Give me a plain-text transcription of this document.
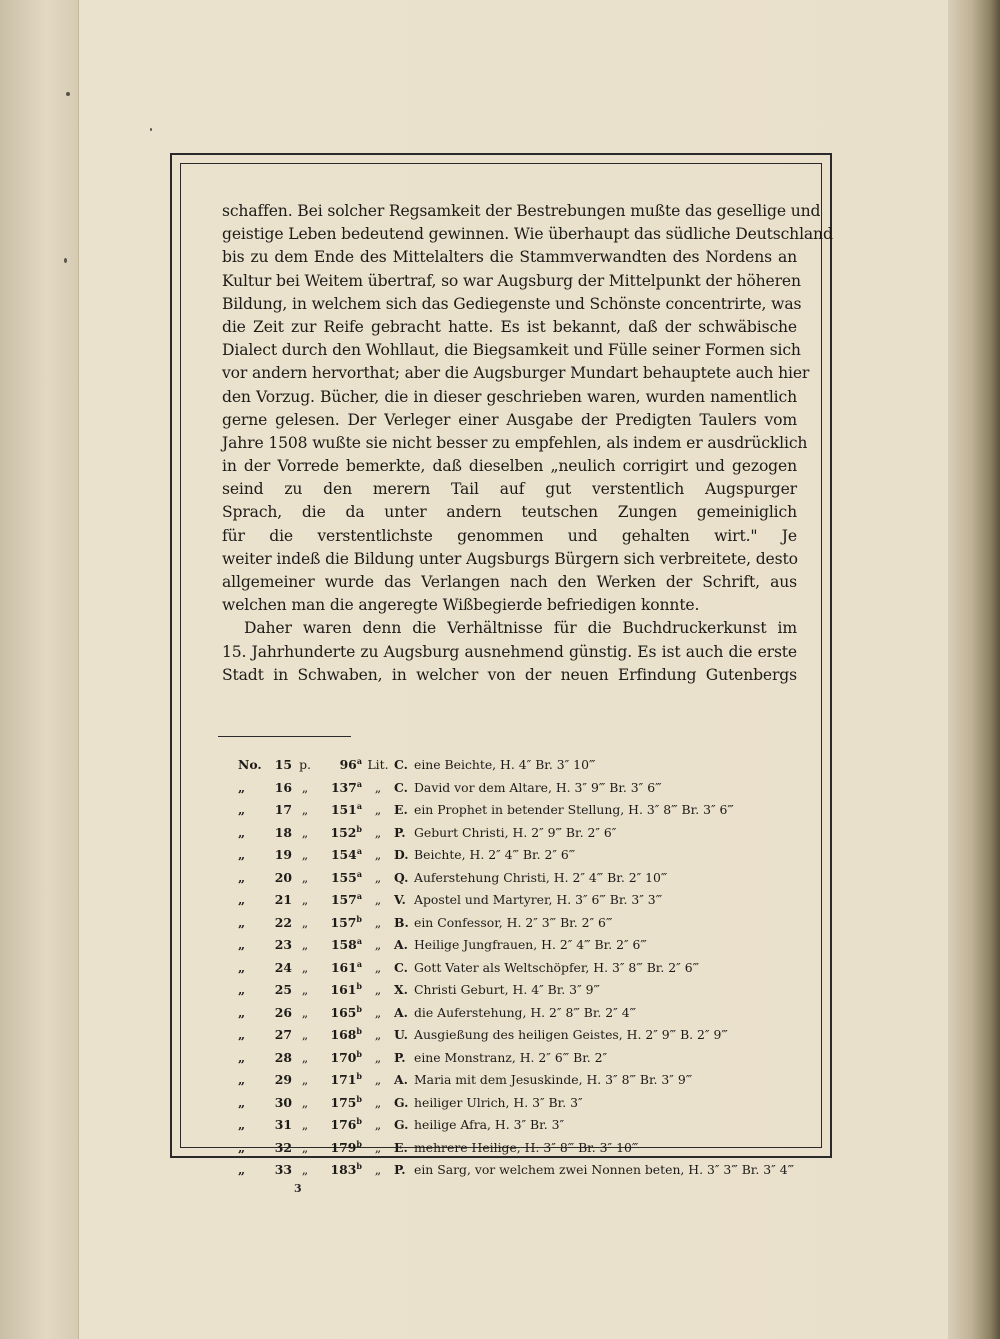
schaffen. Bei solcher Regsamkeit der Bestrebungen mußte das gesellige und
geistige Leben bedeutend gewinnen. Wie überhaupt das südliche Deutschland
bis zu dem Ende des Mittelalters die Stammverwandten des Nordens an
Kultur bei Weitem übertraf, so war Augsburg der Mittelpunkt der höheren
Bildung, in welchem sich das Gediegenste und Schönste concentrirte, was
die Zeit zur Reife gebracht hatte. Es ist bekannt, daß der schwäbische
Dialect durch den Wohllaut, die Biegsamkeit und Fülle seiner Formen sich
vor andern hervorthat; aber die Augsburger Mundart behauptete auch hier
den Vorzug. Bücher, die in dieser geschrieben waren, wurden namentlich
gerne gelesen. Der Verleger einer Ausgabe der Predigten Taulers vom
Jahre 1508 wußte sie nicht besser zu empfehlen, als indem er ausdrücklich
in der Vorrede bemerkte, daß dieselben „neulich corrigirt und gezogen
seind zu den merern Tail auf gut verstentlich Augspurger
Sprach, die da unter andern teutschen Zungen gemeiniglich
für die verstentlichste genommen und gehalten wirt." Je
weiter indeß die Bildung unter Augsburgs Bürgern sich verbreitete, desto
allgemeiner wurde das Verlangen nach den Werken der Schrift, aus
welchen man die angeregte Wißbegierde befriedigen konnte.
Daher waren denn die Verhältnisse für die Buchdruckerkunst im
15. Jahrhunderte zu Augsburg ausnehmend günstig. Es ist auch die erste
Stadt in Schwaben, in welcher von der neuen Erfindung Gutenbergs
No.	15 p.	96$^a$ Lit. C. eine Beichte, H. 4″ Br. 3″ 10‴
„	16 „	137$^a$	„	C. David vor dem Altare, H. 3″ 9‴ Br. 3″ 6‴
„	17 „	151$^a$	„	E. ein Prophet in betender Stellung, H. 3″ 8‴ Br. 3″ 6‴
„	18 „	152$^b$	„	P. Geburt Christi, H. 2″ 9‴ Br. 2″ 6″
„	19 „	154$^a$	„	D. Beichte, H. 2″ 4‴ Br. 2″ 6‴
„	20 „	155$^a$	„	Q. Auferstehung Christi, H. 2″ 4‴ Br. 2″ 10‴
„	21 „	157$^a$	„	V. Apostel und Martyrer, H. 3″ 6‴ Br. 3″ 3‴
„	22 „	157$^b$	„	B. ein Confessor, H. 2″ 3‴ Br. 2″ 6‴
„	23 „	158$^a$	„	A. Heilige Jungfrauen, H. 2″ 4‴ Br. 2″ 6‴
„	24 „	161$^a$	„	C. Gott Vater als Weltschöpfer, H. 3″ 8‴ Br. 2″ 6‴
„	25 „	161$^b$	„	X. Christi Geburt, H. 4″ Br. 3″ 9‴
„	26 „	165$^b$	„	A. die Auferstehung, H. 2″ 8‴ Br. 2″ 4‴
„	27 „	168$^b$	„	U. Ausgießung des heiligen Geistes, H. 2″ 9‴ B. 2″ 9‴
„	28 „	170$^b$	„	P. eine Monstranz, H. 2″ 6‴ Br. 2″
„	29 „	171$^b$	„	A. Maria mit dem Jesuskinde, H. 3″ 8‴ Br. 3″ 9‴
„	30 „	175$^b$	„	G. heiliger Ulrich, H. 3″ Br. 3″
„	31 „	176$^b$	„	G. heilige Afra, H. 3″ Br. 3″
„	32 „	179$^b$	„	E. mehrere Heilige, H. 3″ 8‴ Br. 3″ 10‴
„	33 „	183$^b$	„	P. ein Sarg, vor welchem zwei Nonnen beten, H. 3″ 3‴ Br. 3″ 4‴
3
